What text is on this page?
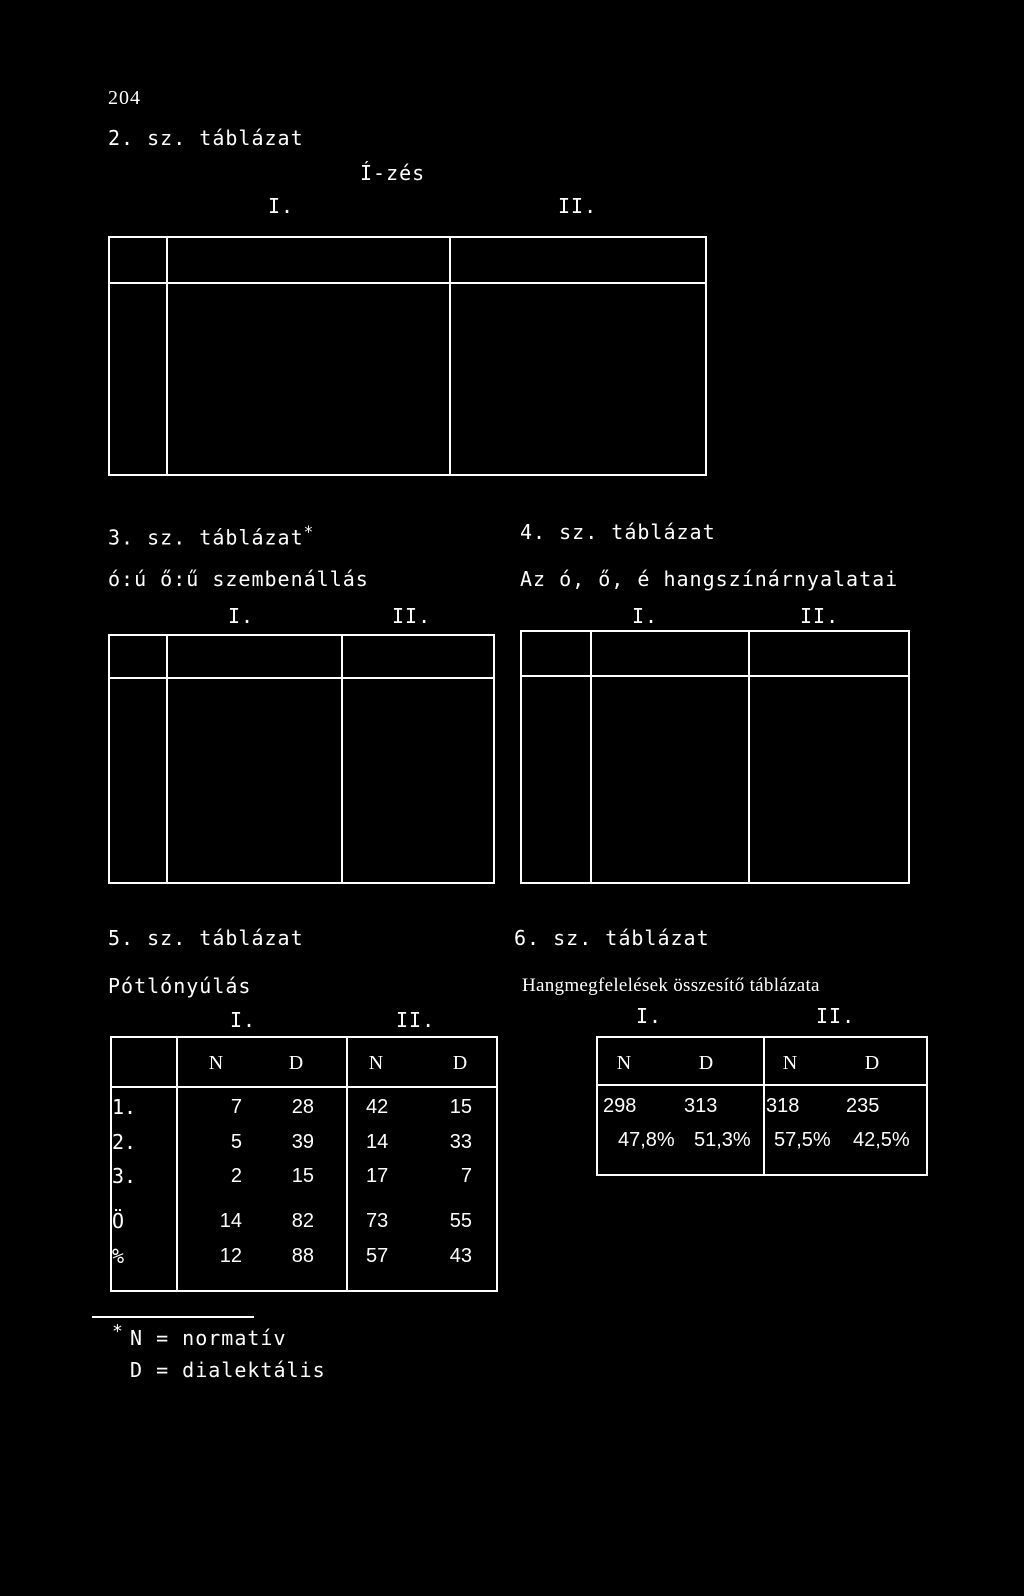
204
2. sz. táblázat
Í-zés
I.	II.
3. sz. táblázat*
ó:ú ő:ű szembenállás
I.	II.
4. sz. táblázat
Az ó, ő, é hangszínárnyalatai
I.	II.
5. sz. táblázat
Pótlónyúlás
I.	II.
N	D	N	D
1.	7	28	42	15
2.	5	39	14	33
3.	2	15	17	7
Ö	14	82	73	55
%	12	88	57	43
6. sz. táblázat
Hangmegfelelések összesítő táblázata
I.	II.
N	D	N	D
298 313 318 235
47,8% 51,3% 57,5% 42,5%
* N = normatív
D = dialektális
